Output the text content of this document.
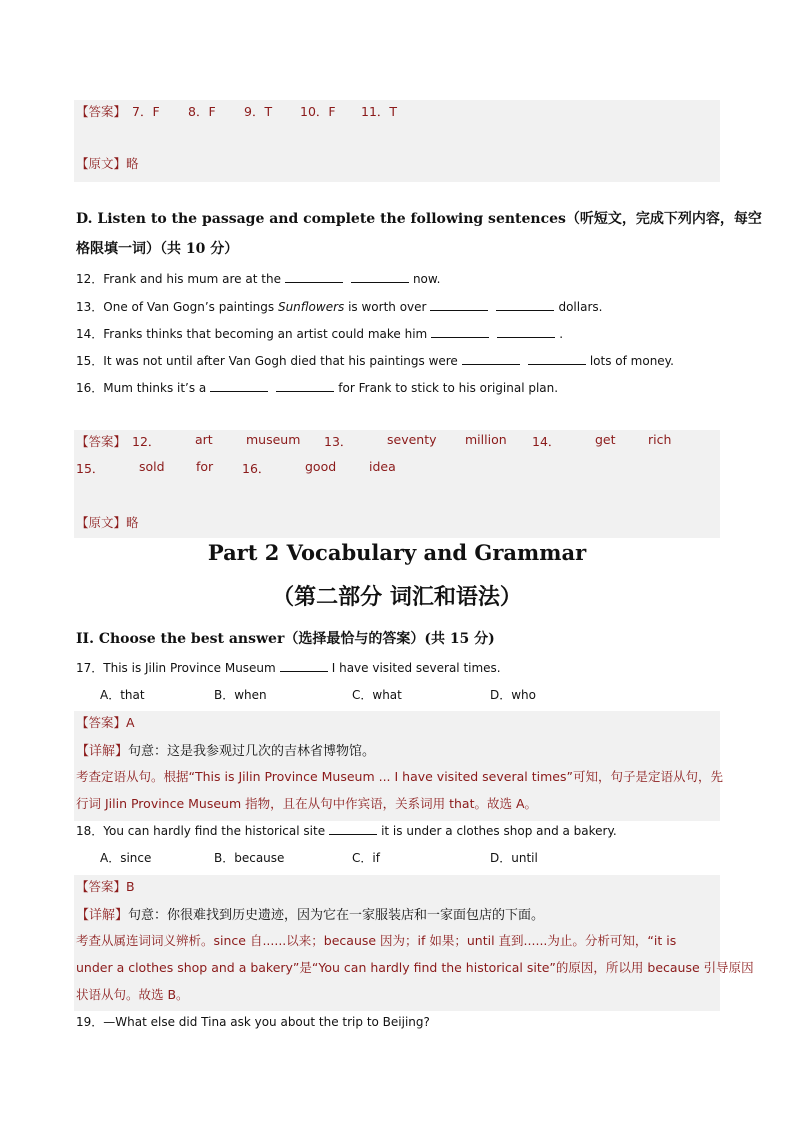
【答案】 7．F 8．F 9．T 10．F 11．T
【原文】略
D. Listen to the passage and complete the following sentences（听短文，完成下列内容，每空
格限填一词）（共 10 分）
12．Frank and his mum are at the	now.
13．One of Van Gogn’s paintings Sunflowers is worth over	dollars.
14．Franks thinks that becoming an artist could make him	.
15．It was not until after Van Gogh died that his paintings were	lots of money.
16．Mum thinks it’s a	for Frank to stick to his original plan.
【答案】 12．	art	museum 13．	seventy million 14．	get	rich
15．	sold	for 16．	good	idea
【原文】略
Part 2 Vocabulary and Grammar
（第二部分 词汇和语法）
II. Choose the best answer（选择最恰与的答案）(共 15 分)
17．This is Jilin Province Museum	I have visited several times.
A．that	B．when	C．what	D．who
【答案】A
【详解】句意：这是我参观过几次的吉林省博物馆。
考查定语从句。根据“This is Jilin Province Museum ... I have visited several times”可知，句子是定语从句，先
行词 Jilin Province Museum 指物，且在从句中作宾语，关系词用 that。故选 A。
18．You can hardly find the historical site	it is under a clothes shop and a bakery.
A．since	B．because	C．if	D．until
【答案】B
【详解】句意：你很难找到历史遗迹，因为它在一家服装店和一家面包店的下面。
考查从属连词词义辨析。since 自......以来；because 因为；if 如果；until 直到......为止。分析可知，“it is
under a clothes shop and a bakery”是“You can hardly find the historical site”的原因，所以用 because 引导原因
状语从句。故选 B。
19．—What else did Tina ask you about the trip to Beijing?
